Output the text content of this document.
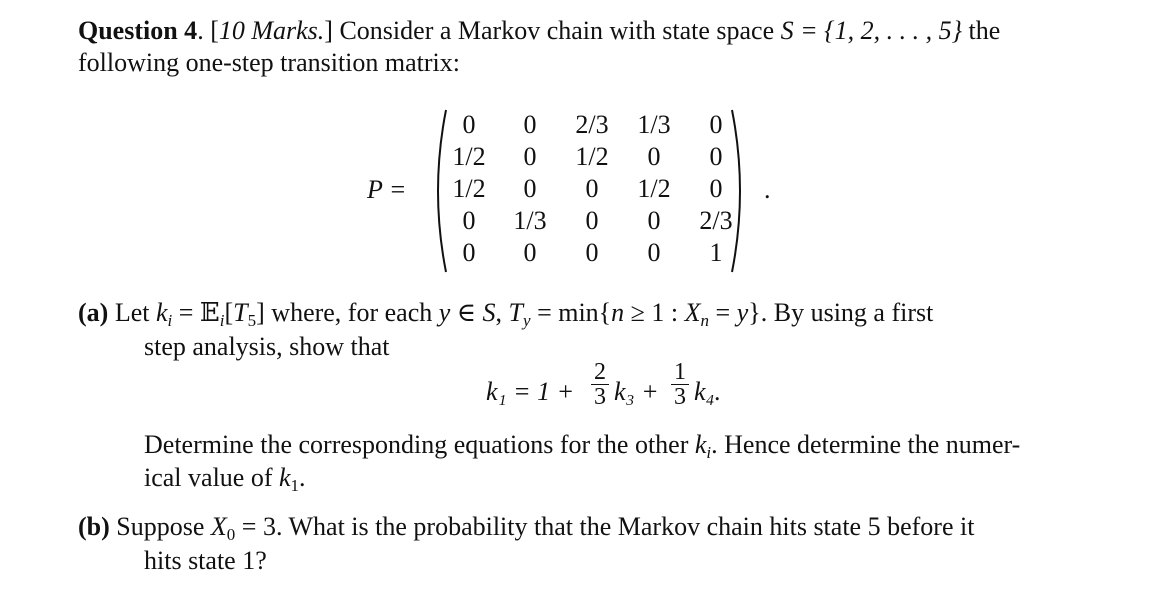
Question 4. [10 Marks.] Consider a Markov chain with state space S = {1, 2, . . . , 5} the
following one-step transition matrix:
P =
0	0	2/3	1/3	0
1/2	0	1/2	0	0
1/2	0	0	1/2	0
0	1/3	0	0	2/3
0	0	0	0	1
.
(a) Let $k_i$ = $𝔼_i[T_5]$ where, for each y ∈ S, $T_y = \min\{n \ge 1$ : $X_n = y$}. By using a first
step analysis, show that
$k_1 = 1 + \frac{2}{3} k_3 + \frac{1}{3} k_4$.
Determine the corresponding equations for the other $k_i$. Hence determine the numer-
ical value of $k_1$.
(b) Suppose $X_0 = 3$. What is the probability that the Markov chain hits state 5 before it
hits state 1?
